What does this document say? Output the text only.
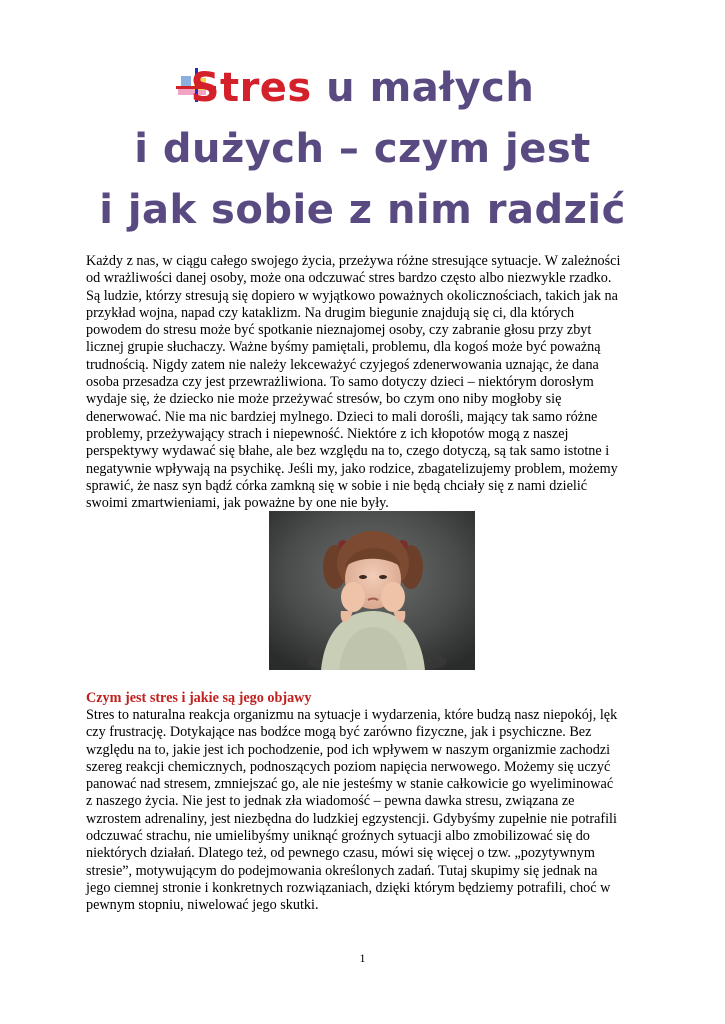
Stres u małych
i dużych – czym jest
i jak sobie z nim radzić
Każdy z nas, w ciągu całego swojego życia, przeżywa różne stresujące sytuacje. W zależności
od wrażliwości danej osoby, może ona odczuwać stres bardzo często albo niezwykle rzadko.
Są ludzie, którzy stresują się dopiero w wyjątkowo poważnych okolicznościach, takich jak na
przykład wojna, napad czy kataklizm. Na drugim biegunie znajdują się ci, dla których
powodem do stresu może być spotkanie nieznajomej osoby, czy zabranie głosu przy zbyt
licznej grupie słuchaczy. Ważne byśmy pamiętali, problemu, dla kogoś może być poważną
trudnością. Nigdy zatem nie należy lekceważyć czyjegoś zdenerwowania uznając, że dana
osoba przesadza czy jest przewrażliwiona. To samo dotyczy dzieci – niektórym dorosłym
wydaje się, że dziecko nie może przeżywać stresów, bo czym ono niby mogłoby się
denerwować. Nie ma nic bardziej mylnego. Dzieci to mali dorośli, mający tak samo różne
problemy, przeżywający strach i niepewność. Niektóre z ich kłopotów mogą z naszej
perspektywy wydawać się błahe, ale bez względu na to, czego dotyczą, są tak samo istotne i
negatywnie wpływają na psychikę. Jeśli my, jako rodzice, zbagatelizujemy problem, możemy
sprawić, że nasz syn bądź córka zamkną się w sobie i nie będą chciały się z nami dzielić
swoimi zmartwieniami, jak poważne by one nie były.
Czym jest stres i jakie są jego objawy
Stres to naturalna reakcja organizmu na sytuacje i wydarzenia, które budzą nasz niepokój, lęk
czy frustrację. Dotykające nas bodźce mogą być zarówno fizyczne, jak i psychiczne. Bez
względu na to, jakie jest ich pochodzenie, pod ich wpływem w naszym organizmie zachodzi
szereg reakcji chemicznych, podnoszących poziom napięcia nerwowego. Możemy się uczyć
panować nad stresem, zmniejszać go, ale nie jesteśmy w stanie całkowicie go wyeliminować
z naszego życia. Nie jest to jednak zła wiadomość – pewna dawka stresu, związana ze
wzrostem adrenaliny, jest niezbędna do ludzkiej egzystencji. Gdybyśmy zupełnie nie potrafili
odczuwać strachu, nie umielibyśmy uniknąć groźnych sytuacji albo zmobilizować się do
niektórych działań. Dlatego też, od pewnego czasu, mówi się więcej o tzw. „pozytywnym
stresie”, motywującym do podejmowania określonych zadań. Tutaj skupimy się jednak na
jego ciemnej stronie i konkretnych rozwiązaniach, dzięki którym będziemy potrafili, choć w
pewnym stopniu, niwelować jego skutki.
1
